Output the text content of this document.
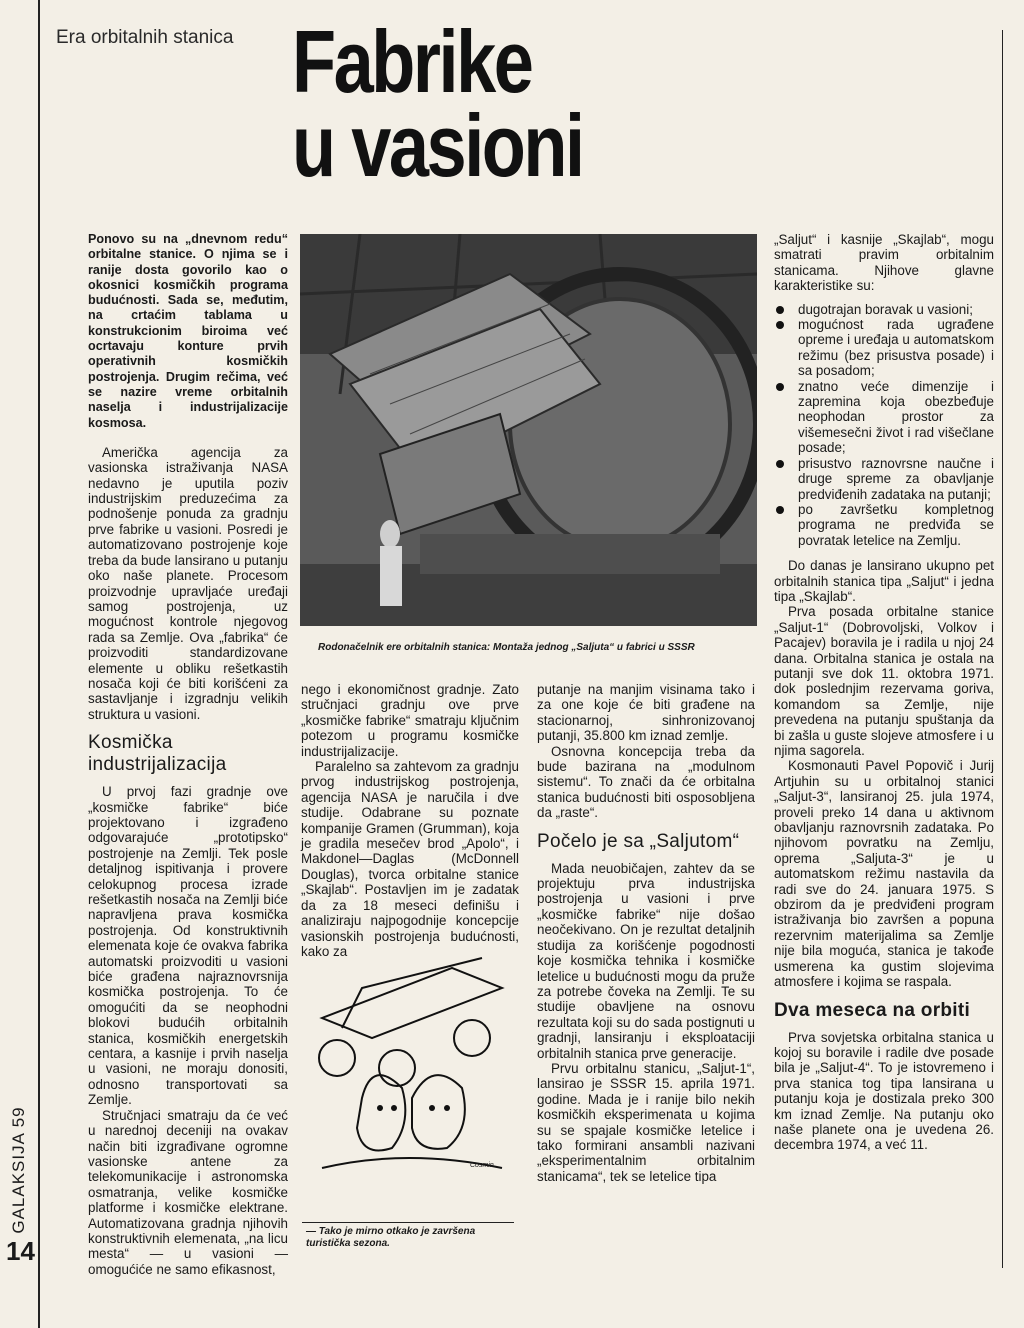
Era orbitalnih stanica Fabrike
u vasioni
Ponovo su na „dnevnom redu“ orbitalne stanice. O njima se i ranije dosta govorilo kao o okosnici kosmičkih programa budućnosti. Sada se, međutim, na crtaćim tablama u konstrukcionim biroima već ocrtavaju konture prvih operativnih kosmičkih postrojenja. Drugim rečima, već se nazire vreme orbitalnih naselja i industrijalizacije kosmosa.

Američka agencija za vasionska istraživanja NASA nedavno je uputila poziv industrijskim preduzećima za podnošenje ponuda za gradnju prve fabrike u vasioni. Posredi je automatizovano postrojenje koje treba da bude lansirano u putanju oko naše planete. Procesom proizvodnje upravljaće uređaji samog postrojenja, uz mogućnost kontrole njegovog rada sa Zemlje. Ova „fabrika“ će proizvoditi standardizovane elemente u obliku rešetkastih nosača koji će biti korišćeni za sastavljanje i izgradnju velikih struktura u vasioni.

Kosmička industrijalizacija

U prvoj fazi gradnje ove „kosmičke fabrike“ biće projektovano i izgrađeno odgovarajuće „prototipsko“ postrojenje na Zemlji. Tek posle detaljnog ispitivanja i provere celokupnog procesa izrade rešetkastih nosača na Zemlji biće napravljena prava kosmička postrojenja. Od konstruktivnih elemenata koje će ovakva fabrika automatski proizvoditi u vasioni biće građena najraznovrsnija kosmička postrojenja. To će omogućiti da se neophodni blokovi budućih orbitalnih stanica, kosmičkih energetskih centara, a kasnije i prvih naselja u vasioni, ne moraju donositi, odnosno transportovati sa Zemlje.

Stručnjaci smatraju da će već u narednoj deceniji na ovakav način biti izgrađivane ogromne vasionske antene za telekomunikacije i astronomska osmatranja, velike kosmičke platforme i kosmičke elektrane. Automatizovana gradnja njihovih konstruktivnih elemenata, „na licu mesta“ — u vasioni — omogućiće ne samo efikasnost,

Rodonačelnik ere orbitalnih stanica: Montaža jednog „Saljuta“ u fabrici u SSSR

nego i ekonomičnost gradnje. Zato stručnjaci gradnju ove prve „kosmičke fabrike“ smatraju ključnim potezom u programu kosmičke industrijalizacije.

Paralelno sa zahtevom za gradnju prvog industrijskog postrojenja, agencija NASA je naručila i dve studije. Odabrane su poznate kompanije Gramen (Grumman), koja je gradila mesečev brod „Apolo“, i Makdonel—Daglas (McDonnell Douglas), tvorca orbitalne stanice „Skajlab“. Postavljen im je zadatak da za 18 meseci definišu i analiziraju najpogodnije koncepcije vasionskih postrojenja budućnosti, kako za

Cosmin
— Tako je mirno otkako je završena turistička sezona.

putanje na manjim visinama tako i za one koje će biti građene na stacionarnoj, sinhronizovanoj putanji, 35.800 km iznad zemlje.

Osnovna koncepcija treba da bude bazirana na „modulnom sistemu“. To znači da će orbitalna stanica budućnosti biti osposobljena da „raste“.

Počelo je sa „Saljutom“

Mada neuobičajen, zahtev da se projektuju prva industrijska postrojenja u vasioni i prve „kosmičke fabrike“ nije došao neočekivano. On je rezultat detaljnih studija za korišćenje pogodnosti koje kosmička tehnika i kosmičke letelice u budućnosti mogu da pruže za potrebe čoveka na Zemlji. Te su studije obavljene na osnovu rezultata koji su do sada postignuti u gradnji, lansiranju i eksploataciji orbitalnih stanica prve generacije.

Prvu orbitalnu stanicu, „Saljut-1“, lansirao je SSSR 15. aprila 1971. godine. Mada je i ranije bilo nekih kosmičkih eksperimenata u kojima su se spajale kosmičke letelice i tako formirani ansambli nazivani „eksperimentalnim orbitalnim stanicama“, tek se letelice tipa

„Saljut“ i kasnije „Skajlab“, mogu smatrati pravim orbitalnim stanicama. Njihove glavne karakteristike su:

dugotrajan boravak u vasioni;
mogućnost rada ugrađene opreme i uređaja u automatskom režimu (bez prisustva posade) i sa posadom;
znatno veće dimenzije i zapremina koja obezbeđuje neophodan prostor za višemesečni život i rad višečlane posade;
prisustvo raznovrsne naučne i druge spreme za obavljanje predviđenih zadataka na putanji;
po završetku kompletnog programa ne predviđa se povratak letelice na Zemlju.

Do danas je lansirano ukupno pet orbitalnih stanica tipa „Saljut“ i jedna tipa „Skajlab“.

Prva posada orbitalne stanice „Saljut-1“ (Dobrovoljski, Volkov i Pacajev) boravila je i radila u njoj 24 dana. Orbitalna stanica je ostala na putanji sve dok 11. oktobra 1971. dok poslednjim rezervama goriva, komandom sa Zemlje, nije prevedena na putanju spuštanja da bi zašla u guste slojeve atmosfere i u njima sagorela.

Kosmonauti Pavel Popovič i Jurij Artjuhin su u orbitalnoj stanici „Saljut-3“, lansiranoj 25. jula 1974, proveli preko 14 dana u aktivnom obavljanju raznovrsnih zadataka. Po njihovom povratku na Zemlju, oprema „Saljuta-3“ je u automatskom režimu nastavila da radi sve do 24. januara 1975. S obzirom da je predviđeni program istraživanja bio završen a popuna rezervnim materijalima sa Zemlje nije bila moguća, stanica je takođe usmerena ka gustim slojevima atmosfere i kojima se raspala.

Dva meseca na orbiti

Prva sovjetska orbitalna stanica u kojoj su boravile i radile dve posade bila je „Saljut-4“. To je istovremeno i prva stanica tog tipa lansirana u putanju koja je dostizala preko 300 km iznad Zemlje. Na putanju oko naše planete ona je uvedena 26. decembra 1974, a već 11.

GALAKSIJA 59
14
